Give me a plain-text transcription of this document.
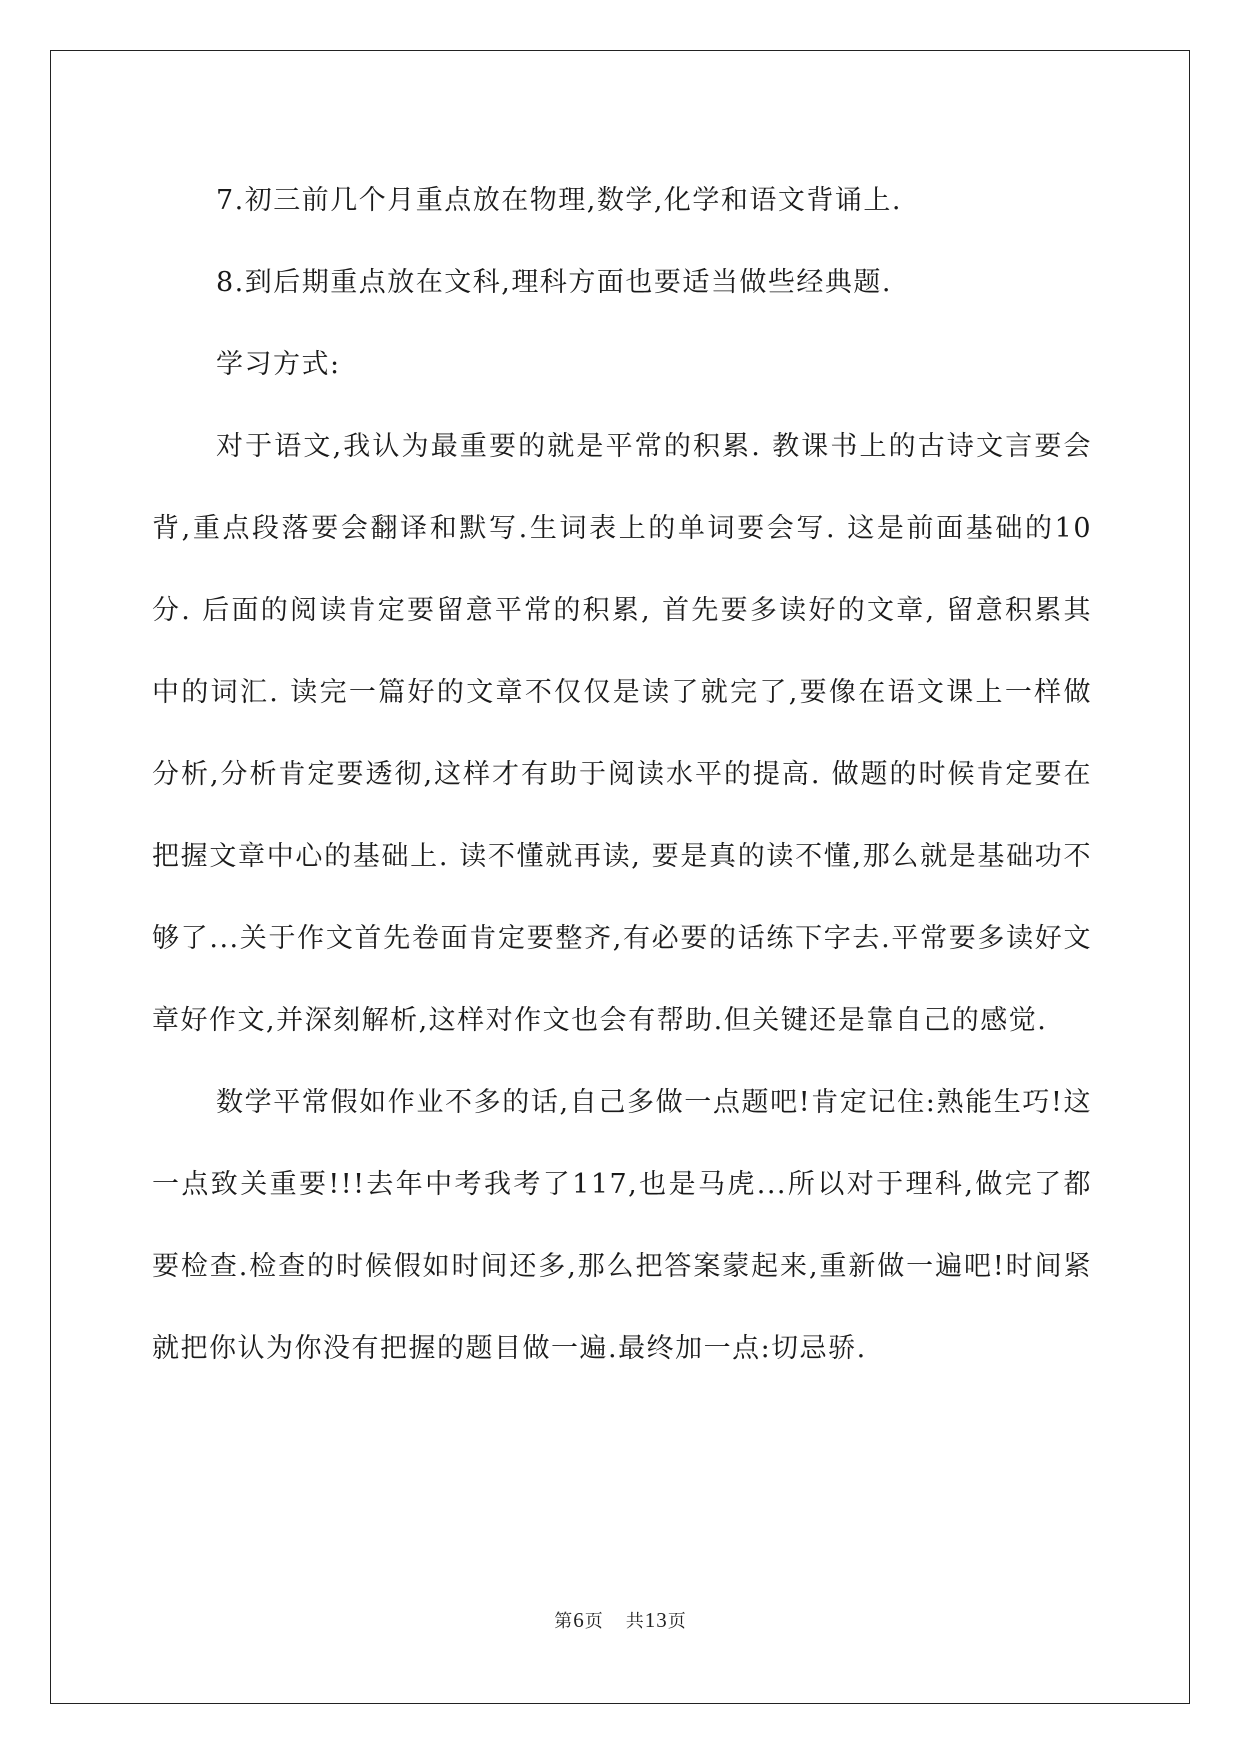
7.初三前几个月重点放在物理,数学,化学和语文背诵上.

8.到后期重点放在文科,理科方面也要适当做些经典题.

学习方式:

对于语文,我认为最重要的就是平常的积累. 教课书上的古诗文言要会背,重点段落要会翻译和默写.生词表上的单词要会写. 这是前面基础的10分. 后面的阅读肯定要留意平常的积累, 首先要多读好的文章, 留意积累其中的词汇. 读完一篇好的文章不仅仅是读了就完了,要像在语文课上一样做分析,分析肯定要透彻,这样才有助于阅读水平的提高. 做题的时候肯定要在把握文章中心的基础上. 读不懂就再读, 要是真的读不懂,那么就是基础功不够了...关于作文首先卷面肯定要整齐,有必要的话练下字去.平常要多读好文章好作文,并深刻解析,这样对作文也会有帮助.但关键还是靠自己的感觉.

数学平常假如作业不多的话,自己多做一点题吧!肯定记住:熟能生巧!这一点致关重要!!!去年中考我考了117,也是马虎...所以对于理科,做完了都要检查.检查的时候假如时间还多,那么把答案蒙起来,重新做一遍吧!时间紧就把你认为你没有把握的题目做一遍.最终加一点:切忌骄.

第6页 共13页
